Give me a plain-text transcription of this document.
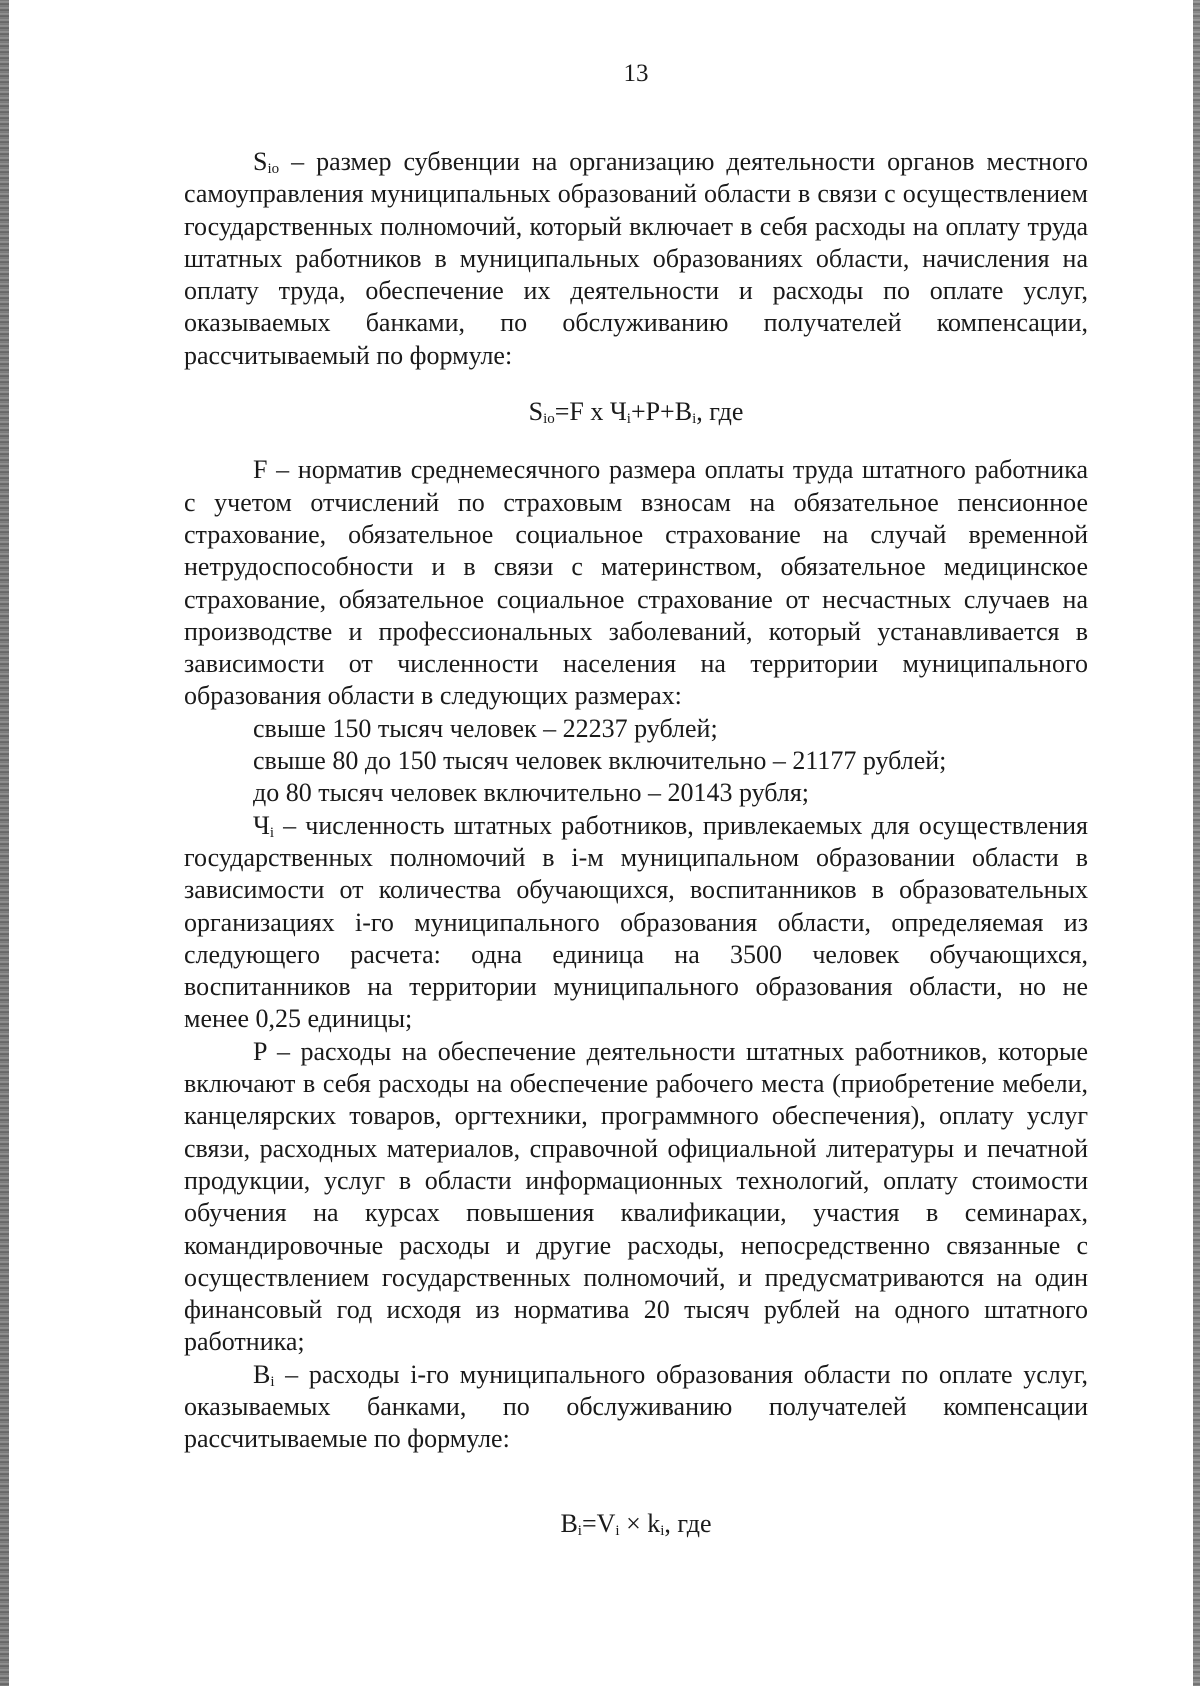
13

$S_{io}$ – размер субвенции на организацию деятельности органов местного самоуправления муниципальных образований области в связи с осуществлением государственных полномочий, который включает в себя расходы на оплату труда штатных работников в муниципальных образованиях области, начисления на оплату труда, обеспечение их деятельности и расходы по оплате услуг, оказываемых банками, по обслуживанию получателей компенсации, рассчитываемый по формуле:

$S_{io}=F$ x $Ч_i+P+B_i$, где

F – норматив среднемесячного размера оплаты труда штатного работника с учетом отчислений по страховым взносам на обязательное пенсионное страхование, обязательное социальное страхование на случай временной нетрудоспособности и в связи с материнством, обязательное медицинское страхование, обязательное социальное страхование от несчастных случаев на производстве и профессиональных заболеваний, который устанавливается в зависимости от численности населения на территории муниципального образования области в следующих размерах:

свыше 150 тысяч человек – 22237 рублей;

свыше 80 до 150 тысяч человек включительно – 21177 рублей;

до 80 тысяч человек включительно – 20143 рубля;

$Ч_i$ – численность штатных работников, привлекаемых для осуществления государственных полномочий в i-м муниципальном образовании области в зависимости от количества обучающихся, воспитанников в образовательных организациях i-го муниципального образования области, определяемая из следующего расчета: одна единица на 3500 человек обучающихся, воспитанников на территории муниципального образования области, но не менее 0,25 единицы;

P – расходы на обеспечение деятельности штатных работников, которые включают в себя расходы на обеспечение рабочего места (приобретение мебели, канцелярских товаров, оргтехники, программного обеспечения), оплату услуг связи, расходных материалов, справочной официальной литературы и печатной продукции, услуг в области информационных технологий, оплату стоимости обучения на курсах повышения квалификации, участия в семинарах, командировочные расходы и другие расходы, непосредственно связанные с осуществлением государственных полномочий, и предусматриваются на один финансовый год исходя из норматива 20 тысяч рублей на одного штатного работника;

$B_i$ – расходы i-го муниципального образования области по оплате услуг, оказываемых банками, по обслуживанию получателей компенсации рассчитываемые по формуле:

$B_i=V_i \times k_i$, где
